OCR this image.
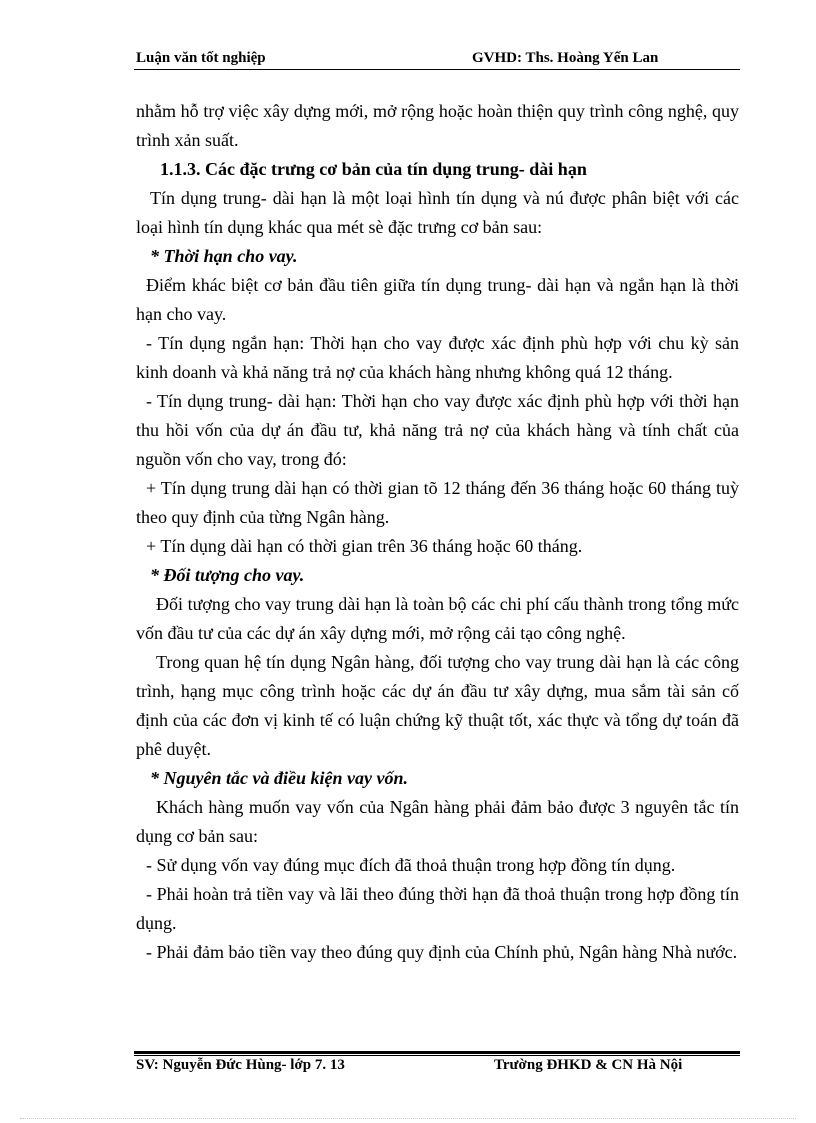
Luận văn tốt nghiệp	GVHD: Ths. Hoàng Yến Lan

nhằm hỗ trợ việc xây dựng mới, mở rộng hoặc hoàn thiện quy trình công nghệ, quy trình xản suất.

1.1.3. Các đặc trưng cơ bản của tín dụng trung- dài hạn

Tín dụng trung- dài hạn là một loại hình tín dụng và nú được phân biệt với các loại hình tín dụng khác qua mét sè đặc trưng cơ bản sau:

* Thời hạn cho vay.

Điểm khác biệt cơ bản đầu tiên giữa tín dụng trung- dài hạn và ngắn hạn là thời hạn cho vay.

- Tín dụng ngắn hạn: Thời hạn cho vay được xác định phù hợp với chu kỳ sản kinh doanh và khả năng trả nợ của khách hàng nhưng không quá 12 tháng.

- Tín dụng trung- dài hạn: Thời hạn cho vay được xác định phù hợp với thời hạn thu hồi vốn của dự án đầu tư, khả năng trả nợ của khách hàng và tính chất của nguồn vốn cho vay, trong đó:

+ Tín dụng trung dài hạn có thời gian tõ 12 tháng đến 36 tháng hoặc 60 tháng tuỳ theo quy định của từng Ngân hàng.

+ Tín dụng dài hạn có thời gian trên 36 tháng hoặc 60 tháng.

* Đối tượng cho vay.

Đối tượng cho vay trung dài hạn là toàn bộ các chi phí cấu thành trong tổng mức vốn đầu tư của các dự án xây dựng mới, mở rộng cải tạo công nghệ.

Trong quan hệ tín dụng Ngân hàng, đối tượng cho vay trung dài hạn là các công trình, hạng mục công trình hoặc các dự án đầu tư xây dựng, mua sắm tài sản cố định của các đơn vị kinh tế có luận chứng kỹ thuật tốt, xác thực và tổng dự toán đã phê duyệt.

* Nguyên tắc và điều kiện vay vốn.

Khách hàng muốn vay vốn của Ngân hàng phải đảm bảo được 3 nguyên tắc tín dụng cơ bản sau:

- Sử dụng vốn vay đúng mục đích đã thoả thuận trong hợp đồng tín dụng.

- Phải hoàn trả tiền vay và lãi theo đúng thời hạn đã thoả thuận trong hợp đồng tín dụng.

- Phải đảm bảo tiền vay theo đúng quy định của Chính phủ, Ngân hàng Nhà nước.

SV: Nguyễn Đức Hùng- lớp 7. 13	Trường ĐHKD & CN Hà Nội
